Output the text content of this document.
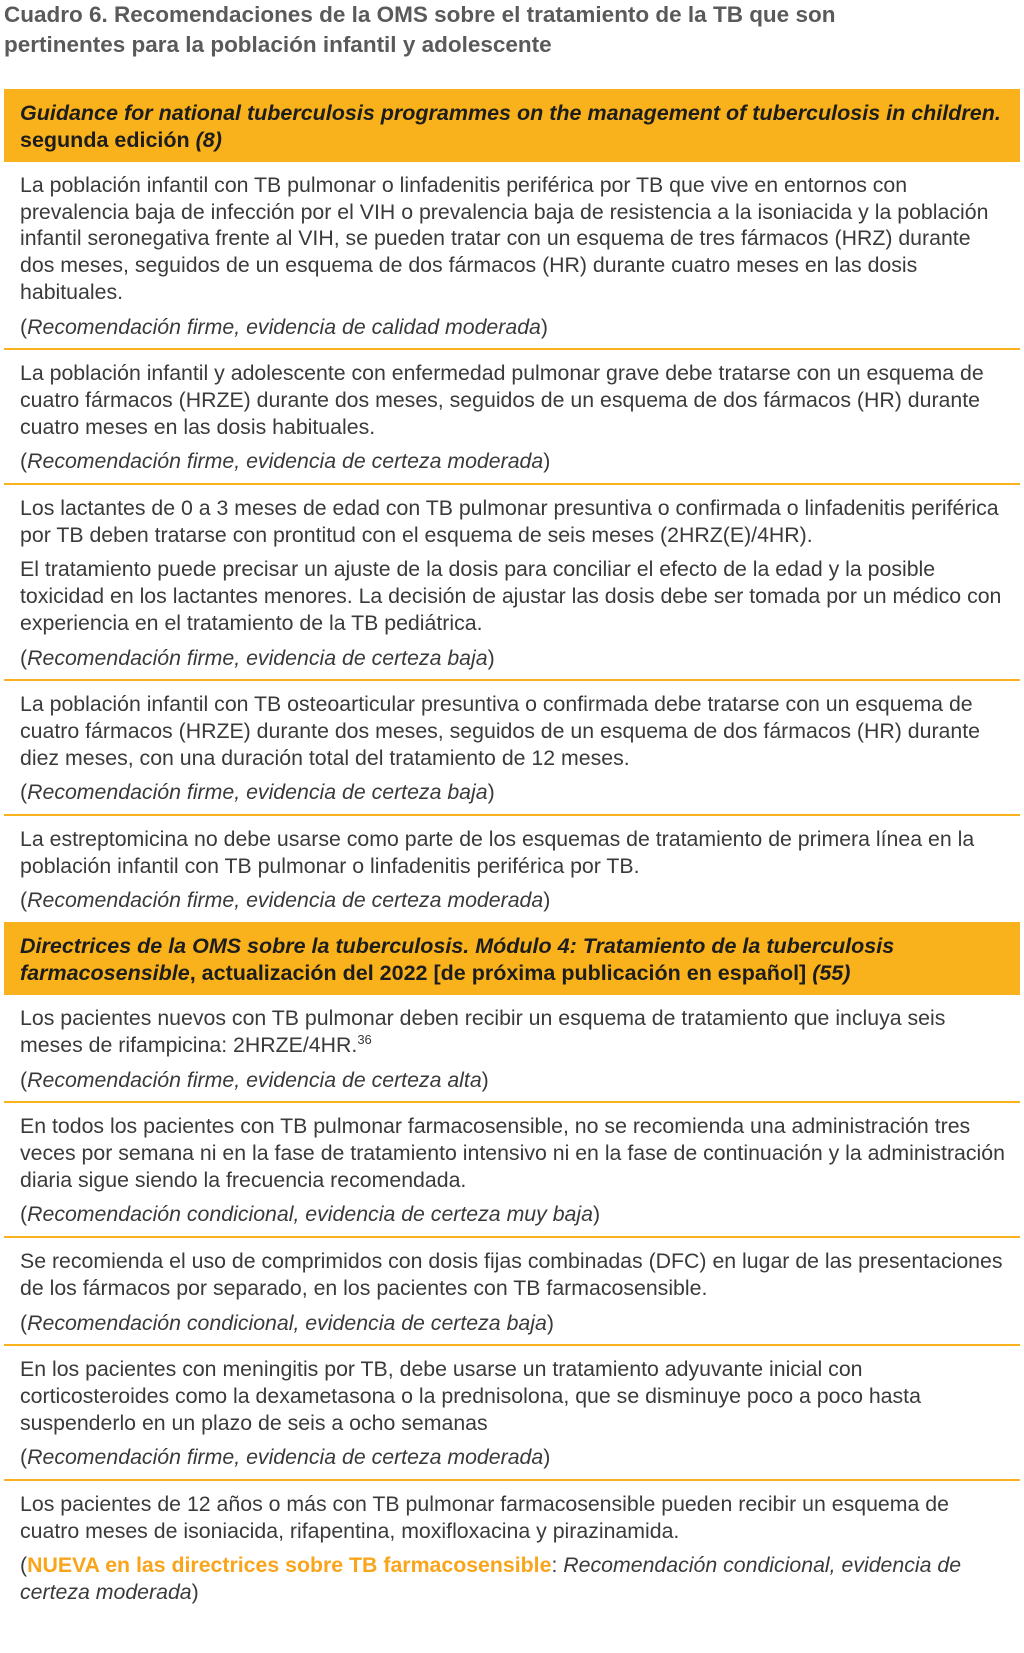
Cuadro 6. Recomendaciones de la OMS sobre el tratamiento de la TB que son
pertinentes para la población infantil y adolescente
Guidance for national tuberculosis programmes on the management of tuberculosis in children. segunda edición (8)

La población infantil con TB pulmonar o linfadenitis periférica por TB que vive en entornos con prevalencia baja de infección por el VIH o prevalencia baja de resistencia a la isoniacida y la población infantil seronegativa frente al VIH, se pueden tratar con un esquema de tres fármacos (HRZ) durante dos meses, seguidos de un esquema de dos fármacos (HR) durante cuatro meses en las dosis habituales.

(Recomendación firme, evidencia de calidad moderada)

La población infantil y adolescente con enfermedad pulmonar grave debe tratarse con un esquema de cuatro fármacos (HRZE) durante dos meses, seguidos de un esquema de dos fármacos (HR) durante cuatro meses en las dosis habituales.

(Recomendación firme, evidencia de certeza moderada)

Los lactantes de 0 a 3 meses de edad con TB pulmonar presuntiva o confirmada o linfadenitis periférica por TB deben tratarse con prontitud con el esquema de seis meses (2HRZ(E)/4HR).

El tratamiento puede precisar un ajuste de la dosis para conciliar el efecto de la edad y la posible toxicidad en los lactantes menores. La decisión de ajustar las dosis debe ser tomada por un médico con experiencia en el tratamiento de la TB pediátrica.

(Recomendación firme, evidencia de certeza baja)

La población infantil con TB osteoarticular presuntiva o confirmada debe tratarse con un esquema de cuatro fármacos (HRZE) durante dos meses, seguidos de un esquema de dos fármacos (HR) durante diez meses, con una duración total del tratamiento de 12 meses.

(Recomendación firme, evidencia de certeza baja)

La estreptomicina no debe usarse como parte de los esquemas de tratamiento de primera línea en la población infantil con TB pulmonar o linfadenitis periférica por TB.

(Recomendación firme, evidencia de certeza moderada)

Directrices de la OMS sobre la tuberculosis. Módulo 4: Tratamiento de la tuberculosis farmacosensible, actualización del 2022 [de próxima publicación en español] (55)

Los pacientes nuevos con TB pulmonar deben recibir un esquema de tratamiento que incluya seis meses de rifampicina: 2HRZE/4HR.$^{36}$

(Recomendación firme, evidencia de certeza alta)

En todos los pacientes con TB pulmonar farmacosensible, no se recomienda una administración tres veces por semana ni en la fase de tratamiento intensivo ni en la fase de continuación y la administración diaria sigue siendo la frecuencia recomendada.

(Recomendación condicional, evidencia de certeza muy baja)

Se recomienda el uso de comprimidos con dosis fijas combinadas (DFC) en lugar de las presentaciones de los fármacos por separado, en los pacientes con TB farmacosensible.

(Recomendación condicional, evidencia de certeza baja)

En los pacientes con meningitis por TB, debe usarse un tratamiento adyuvante inicial con corticosteroides como la dexametasona o la prednisolona, que se disminuye poco a poco hasta suspenderlo en un plazo de seis a ocho semanas

(Recomendación firme, evidencia de certeza moderada)

Los pacientes de 12 años o más con TB pulmonar farmacosensible pueden recibir un esquema de cuatro meses de isoniacida, rifapentina, moxifloxacina y pirazinamida.

(NUEVA en las directrices sobre TB farmacosensible: Recomendación condicional, evidencia de certeza moderada)
